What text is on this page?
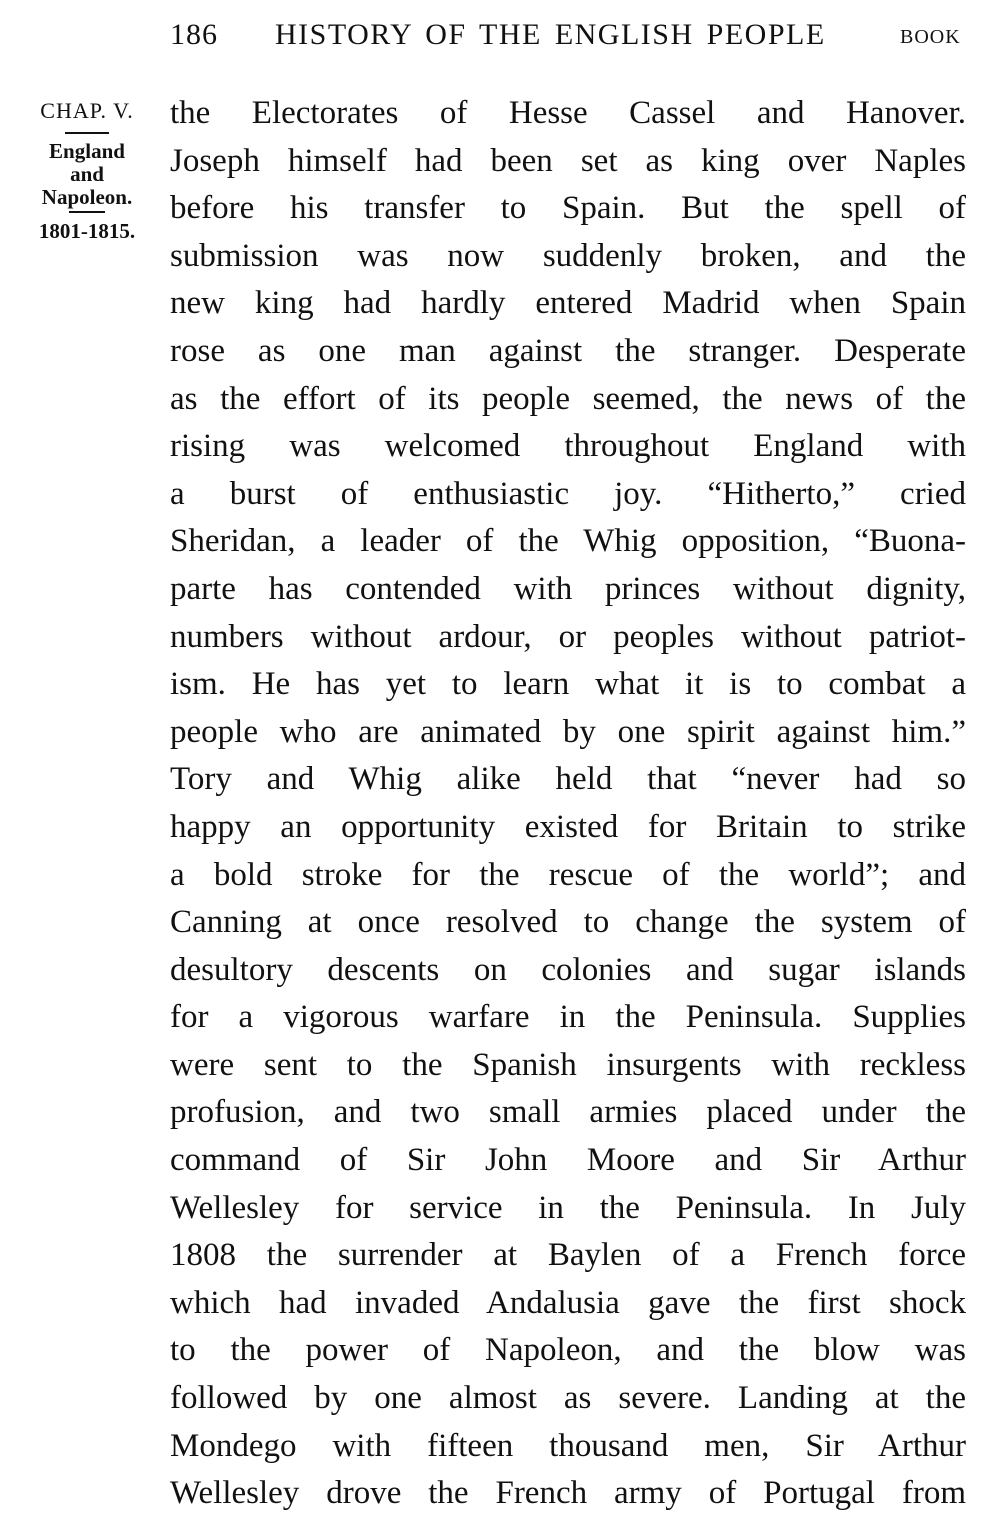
186 HISTORY OF THE ENGLISH PEOPLE	BOOK
CHAP. V.
England
and
Napoleon.
1801-1815.
the Electorates of Hesse Cassel and Hanover.
Joseph himself had been set as king over Naples
before his transfer to Spain. But the spell of
submission was now suddenly broken, and the
new king had hardly entered Madrid when Spain
rose as one man against the stranger. Desperate
as the effort of its people seemed, the news of the
rising was welcomed throughout England with
a burst of enthusiastic joy. “Hitherto,” cried
Sheridan, a leader of the Whig opposition, “Buona-
parte has contended with princes without dignity,
numbers without ardour, or peoples without patriot-
ism. He has yet to learn what it is to combat a
people who are animated by one spirit against him.”
Tory and Whig alike held that “never had so
happy an opportunity existed for Britain to strike
a bold stroke for the rescue of the world”; and
Canning at once resolved to change the system of
desultory descents on colonies and sugar islands
for a vigorous warfare in the Peninsula. Supplies
were sent to the Spanish insurgents with reckless
profusion, and two small armies placed under the
command of Sir John Moore and Sir Arthur
Wellesley for service in the Peninsula. In July
1808 the surrender at Baylen of a French force
which had invaded Andalusia gave the first shock
to the power of Napoleon, and the blow was
followed by one almost as severe. Landing at the
Mondego with fifteen thousand men, Sir Arthur
Wellesley drove the French army of Portugal from
